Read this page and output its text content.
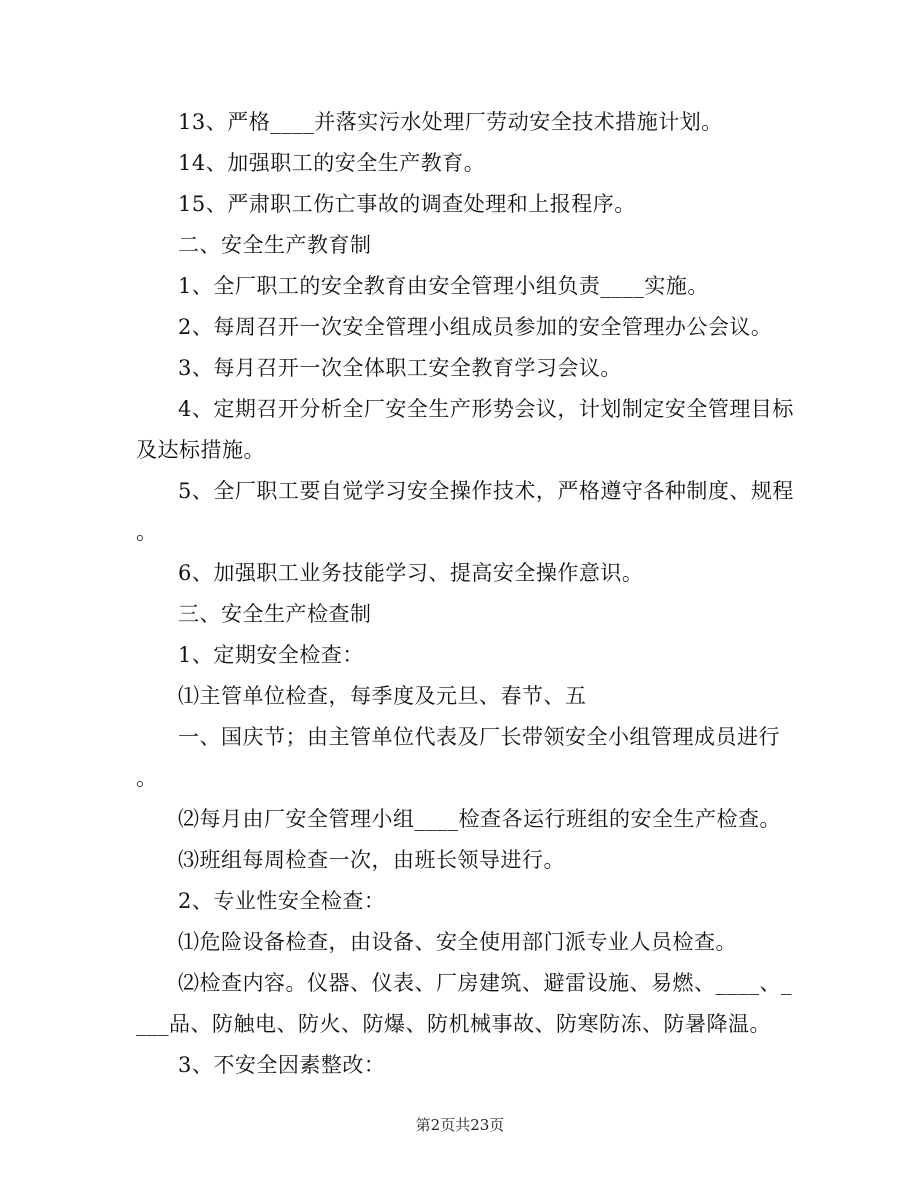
13、严格____并落实污水处理厂劳动安全技术措施计划。
14、加强职工的安全生产教育。
15、严肃职工伤亡事故的调查处理和上报程序。
二、安全生产教育制
1、全厂职工的安全教育由安全管理小组负责____实施。
2、每周召开一次安全管理小组成员参加的安全管理办公会议。
3、每月召开一次全体职工安全教育学习会议。
4、定期召开分析全厂安全生产形势会议，计划制定安全管理目标
及达标措施。
5、全厂职工要自觉学习安全操作技术，严格遵守各种制度、规程
。
6、加强职工业务技能学习、提高安全操作意识。
三、安全生产检查制
1、定期安全检查：
⑴主管单位检查，每季度及元旦、春节、五
一、国庆节；由主管单位代表及厂长带领安全小组管理成员进行
。
⑵每月由厂安全管理小组____检查各运行班组的安全生产检查。
⑶班组每周检查一次，由班长领导进行。
2、专业性安全检查：
⑴危险设备检查，由设备、安全使用部门派专业人员检查。
⑵检查内容。仪器、仪表、厂房建筑、避雷设施、易燃、____、_
___品、防触电、防火、防爆、防机械事故、防寒防冻、防暑降温。
3、不安全因素整改：
第2页共23页
